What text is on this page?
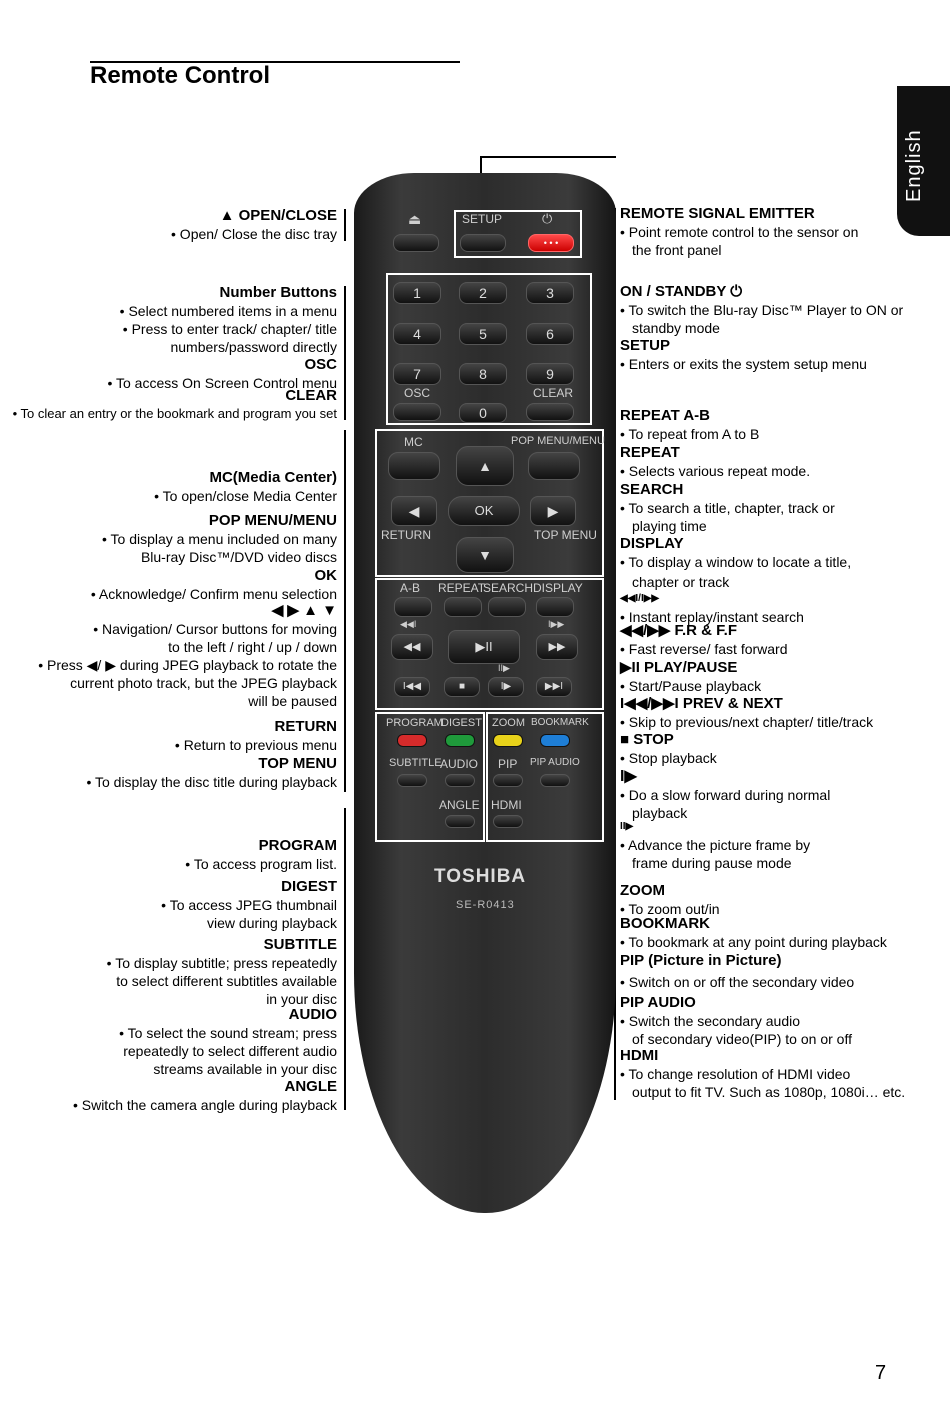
Remote Control
English
7
⏏	SETUP	⏻
• • •
1	2	3
4	5	6
7	8	9
OSC	CLEAR
0
MC	POP MENU/MENU
▲
◀	OK	▶
RETURN	TOP MENU
▼
A-B REPEAT
SEARCH DISPLAY
◀◀I	I▶▶
◀◀	▶II	▶▶
II▶
I◀◀	■	I▶	▶▶I
PROGRAM
DIGEST ZOOM BOOKMARK
SUBTITLE
AUDIO PIP PIP AUDIO
ANGLE HDMI
TOSHIBA
SE-R0413
▲ OPEN/CLOSE
• Open/ Close the disc tray
Number Buttons
• Select numbered items in a menu
• Press to enter track/ chapter/ title
numbers/password directly
OSC
• To access On Screen Control menu
CLEAR
• To clear an entry or the bookmark and program you set
MC(Media Center)
• To open/close Media Center
POP MENU/MENU
• To display a menu included on many
Blu-ray Disc™/DVD video discs
OK
• Acknowledge/ Confirm menu selection
◀ ▶ ▲ ▼
• Navigation/ Cursor buttons for moving
to the left / right / up / down
• Press ◀/ ▶ during JPEG playback to rotate the
current photo track, but the JPEG playback
will be paused
RETURN
• Return to previous menu
TOP MENU
• To display the disc title during playback
PROGRAM
• To access program list.
DIGEST
• To access JPEG thumbnail
view during playback
SUBTITLE
• To display subtitle; press repeatedly
to select different subtitles available
in your disc
AUDIO
• To select the sound stream; press
repeatedly to select different audio
streams available in your disc
ANGLE
• Switch the camera angle during playback
REMOTE SIGNAL EMITTER
• Point remote control to the sensor on
the front panel
ON / STANDBY ⏻
• To switch the Blu-ray Disc™ Player to ON or
standby mode
SETUP
• Enters or exits the system setup menu
REPEAT A-B
• To repeat from A to B
REPEAT
• Selects various repeat mode.
SEARCH
• To search a title, chapter, track or
playing time
DISPLAY
• To display a window to locate a title,
chapter or track
◀◀I/I▶▶
• Instant replay/instant search
◀◀/▶▶ F.R & F.F
• Fast reverse/ fast forward
▶II PLAY/PAUSE
• Start/Pause playback
I◀◀/▶▶I PREV & NEXT
• Skip to previous/next chapter/ title/track
■ STOP
• Stop playback
I▶
• Do a slow forward during normal
playback
II▶
• Advance the picture frame by
frame during pause mode
ZOOM
• To zoom out/in
BOOKMARK
• To bookmark at any point during playback
PIP (Picture in Picture)
• Switch on or off the secondary video
PIP AUDIO
• Switch the secondary audio
of secondary video(PIP) to on or off
HDMI
• To change resolution of HDMI video
output to fit TV. Such as 1080p, 1080i… etc.
